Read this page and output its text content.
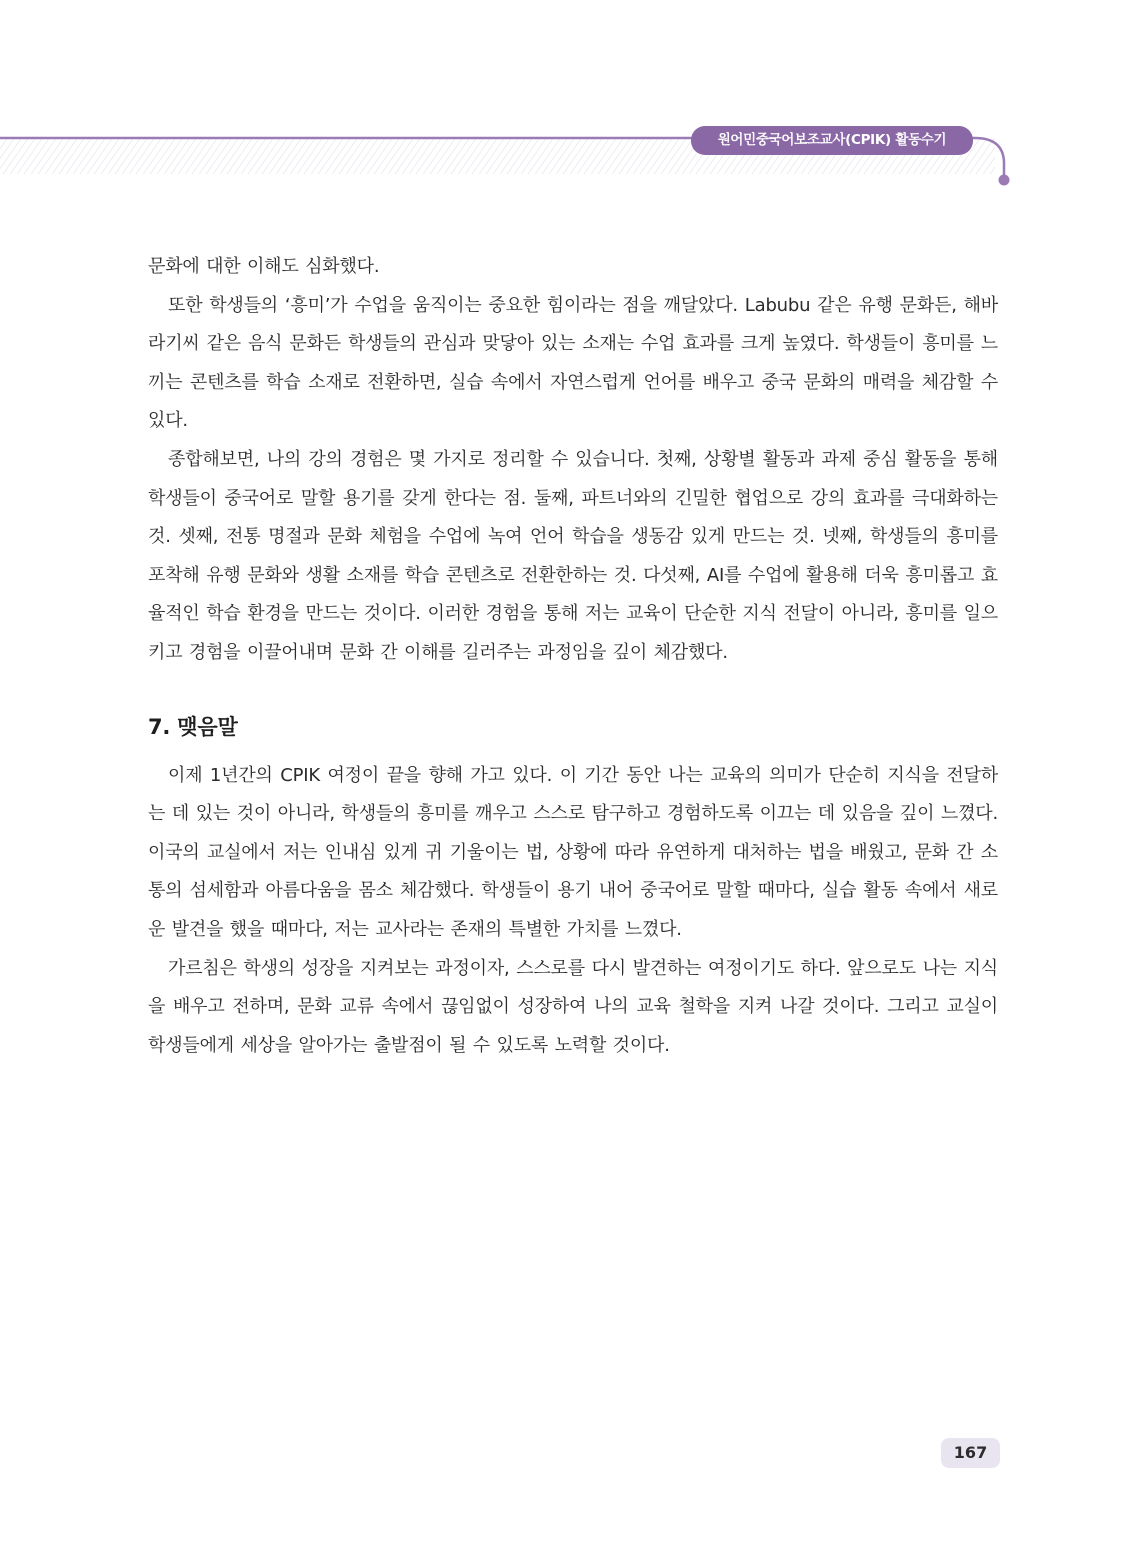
원어민중국어보조교사(CPIK) 활동수기

문화에 대한 이해도 심화했다.

또한 학생들의 ‘흥미’가 수업을 움직이는 중요한 힘이라는 점을 깨달았다. Labubu 같은 유행 문화든, 해바라기씨 같은 음식 문화든 학생들의 관심과 맞닿아 있는 소재는 수업 효과를 크게 높였다. 학생들이 흥미를 느끼는 콘텐츠를 학습 소재로 전환하면, 실습 속에서 자연스럽게 언어를 배우고 중국 문화의 매력을 체감할 수 있다.

종합해보면, 나의 강의 경험은 몇 가지로 정리할 수 있습니다. 첫째, 상황별 활동과 과제 중심 활동을 통해 학생들이 중국어로 말할 용기를 갖게 한다는 점. 둘째, 파트너와의 긴밀한 협업으로 강의 효과를 극대화하는 것. 셋째, 전통 명절과 문화 체험을 수업에 녹여 언어 학습을 생동감 있게 만드는 것. 넷째, 학생들의 흥미를 포착해 유행 문화와 생활 소재를 학습 콘텐츠로 전환한하는 것. 다섯째, AI를 수업에 활용해 더욱 흥미롭고 효율적인 학습 환경을 만드는 것이다. 이러한 경험을 통해 저는 교육이 단순한 지식 전달이 아니라, 흥미를 일으키고 경험을 이끌어내며 문화 간 이해를 길러주는 과정임을 깊이 체감했다.

7. 맺음말

이제 1년간의 CPIK 여정이 끝을 향해 가고 있다. 이 기간 동안 나는 교육의 의미가 단순히 지식을 전달하는 데 있는 것이 아니라, 학생들의 흥미를 깨우고 스스로 탐구하고 경험하도록 이끄는 데 있음을 깊이 느꼈다. 이국의 교실에서 저는 인내심 있게 귀 기울이는 법, 상황에 따라 유연하게 대처하는 법을 배웠고, 문화 간 소통의 섬세함과 아름다움을 몸소 체감했다. 학생들이 용기 내어 중국어로 말할 때마다, 실습 활동 속에서 새로운 발견을 했을 때마다, 저는 교사라는 존재의 특별한 가치를 느꼈다.

가르침은 학생의 성장을 지켜보는 과정이자, 스스로를 다시 발견하는 여정이기도 하다. 앞으로도 나는 지식을 배우고 전하며, 문화 교류 속에서 끊임없이 성장하여 나의 교육 철학을 지켜 나갈 것이다. 그리고 교실이 학생들에게 세상을 알아가는 출발점이 될 수 있도록 노력할 것이다.

167
